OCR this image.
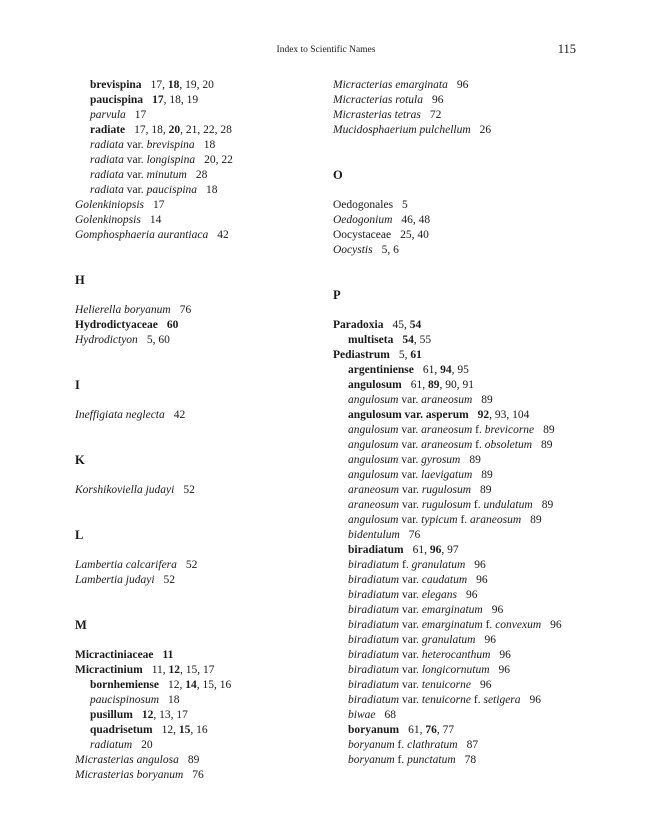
Index to Scientific Names	115
brevispina 17, 18, 19, 20
paucispina 17, 18, 19
parvula 17
radiate 17, 18, 20, 21, 22, 28
radiata var. brevispina 18
radiata var. longispina 20, 22
radiata var. minutum 28
radiata var. paucispina 18
Golenkiniopsis 17
Golenkinopsis 14
Gomphosphaeria aurantiaca 42
H
Helierella boryanum 76
Hydrodictyaceae 60
Hydrodictyon 5, 60
I
Ineffigiata neglecta 42
K
Korshikoviella judayi 52
L
Lambertia calcarifera 52
Lambertia judayi 52
M
Micractiniaceae 11
Micractinium 11, 12, 15, 17
bornhemiense 12, 14, 15, 16
paucispinosum 18
pusillum 12, 13, 17
quadrisetum 12, 15, 16
radiatum 20
Micrasterias angulosa 89
Micrasterias boryanum 76
Micracterias emarginata 96
Micracterias rotula 96
Micrasterias tetras 72
Mucidosphaerium pulchellum 26
O
Oedogonales 5
Oedogonium 46, 48
Oocystaceae 25, 40
Oocystis 5, 6
P
Paradoxia 45, 54
multiseta 54, 55
Pediastrum 5, 61
argentiniense 61, 94, 95
angulosum 61, 89, 90, 91
angulosum var. araneosum 89
angulosum var. asperum 92, 93, 104
angulosum var. araneosum f. brevicorne 89
angulosum var. araneosum f. obsoletum 89
angulosum var. gyrosum 89
angulosum var. laevigatum 89
araneosum var. rugulosum 89
araneosum var. rugulosum f. undulatum 89
angulosum var. typicum f. araneosum 89
bidentulum 76
biradiatum 61, 96, 97
biradiatum f. granulatum 96
biradiatum var. caudatum 96
biradiatum var. elegans 96
biradiatum var. emarginatum 96
biradiatum var. emarginatum f. convexum 96
biradiatum var. granulatum 96
biradiatum var. heterocanthum 96
biradiatum var. longicornutum 96
biradiatum var. tenuicorne 96
biradiatum var. tenuicorne f. setigera 96
biwae 68
boryanum 61, 76, 77
boryanum f. clathratum 87
boryanum f. punctatum 78
